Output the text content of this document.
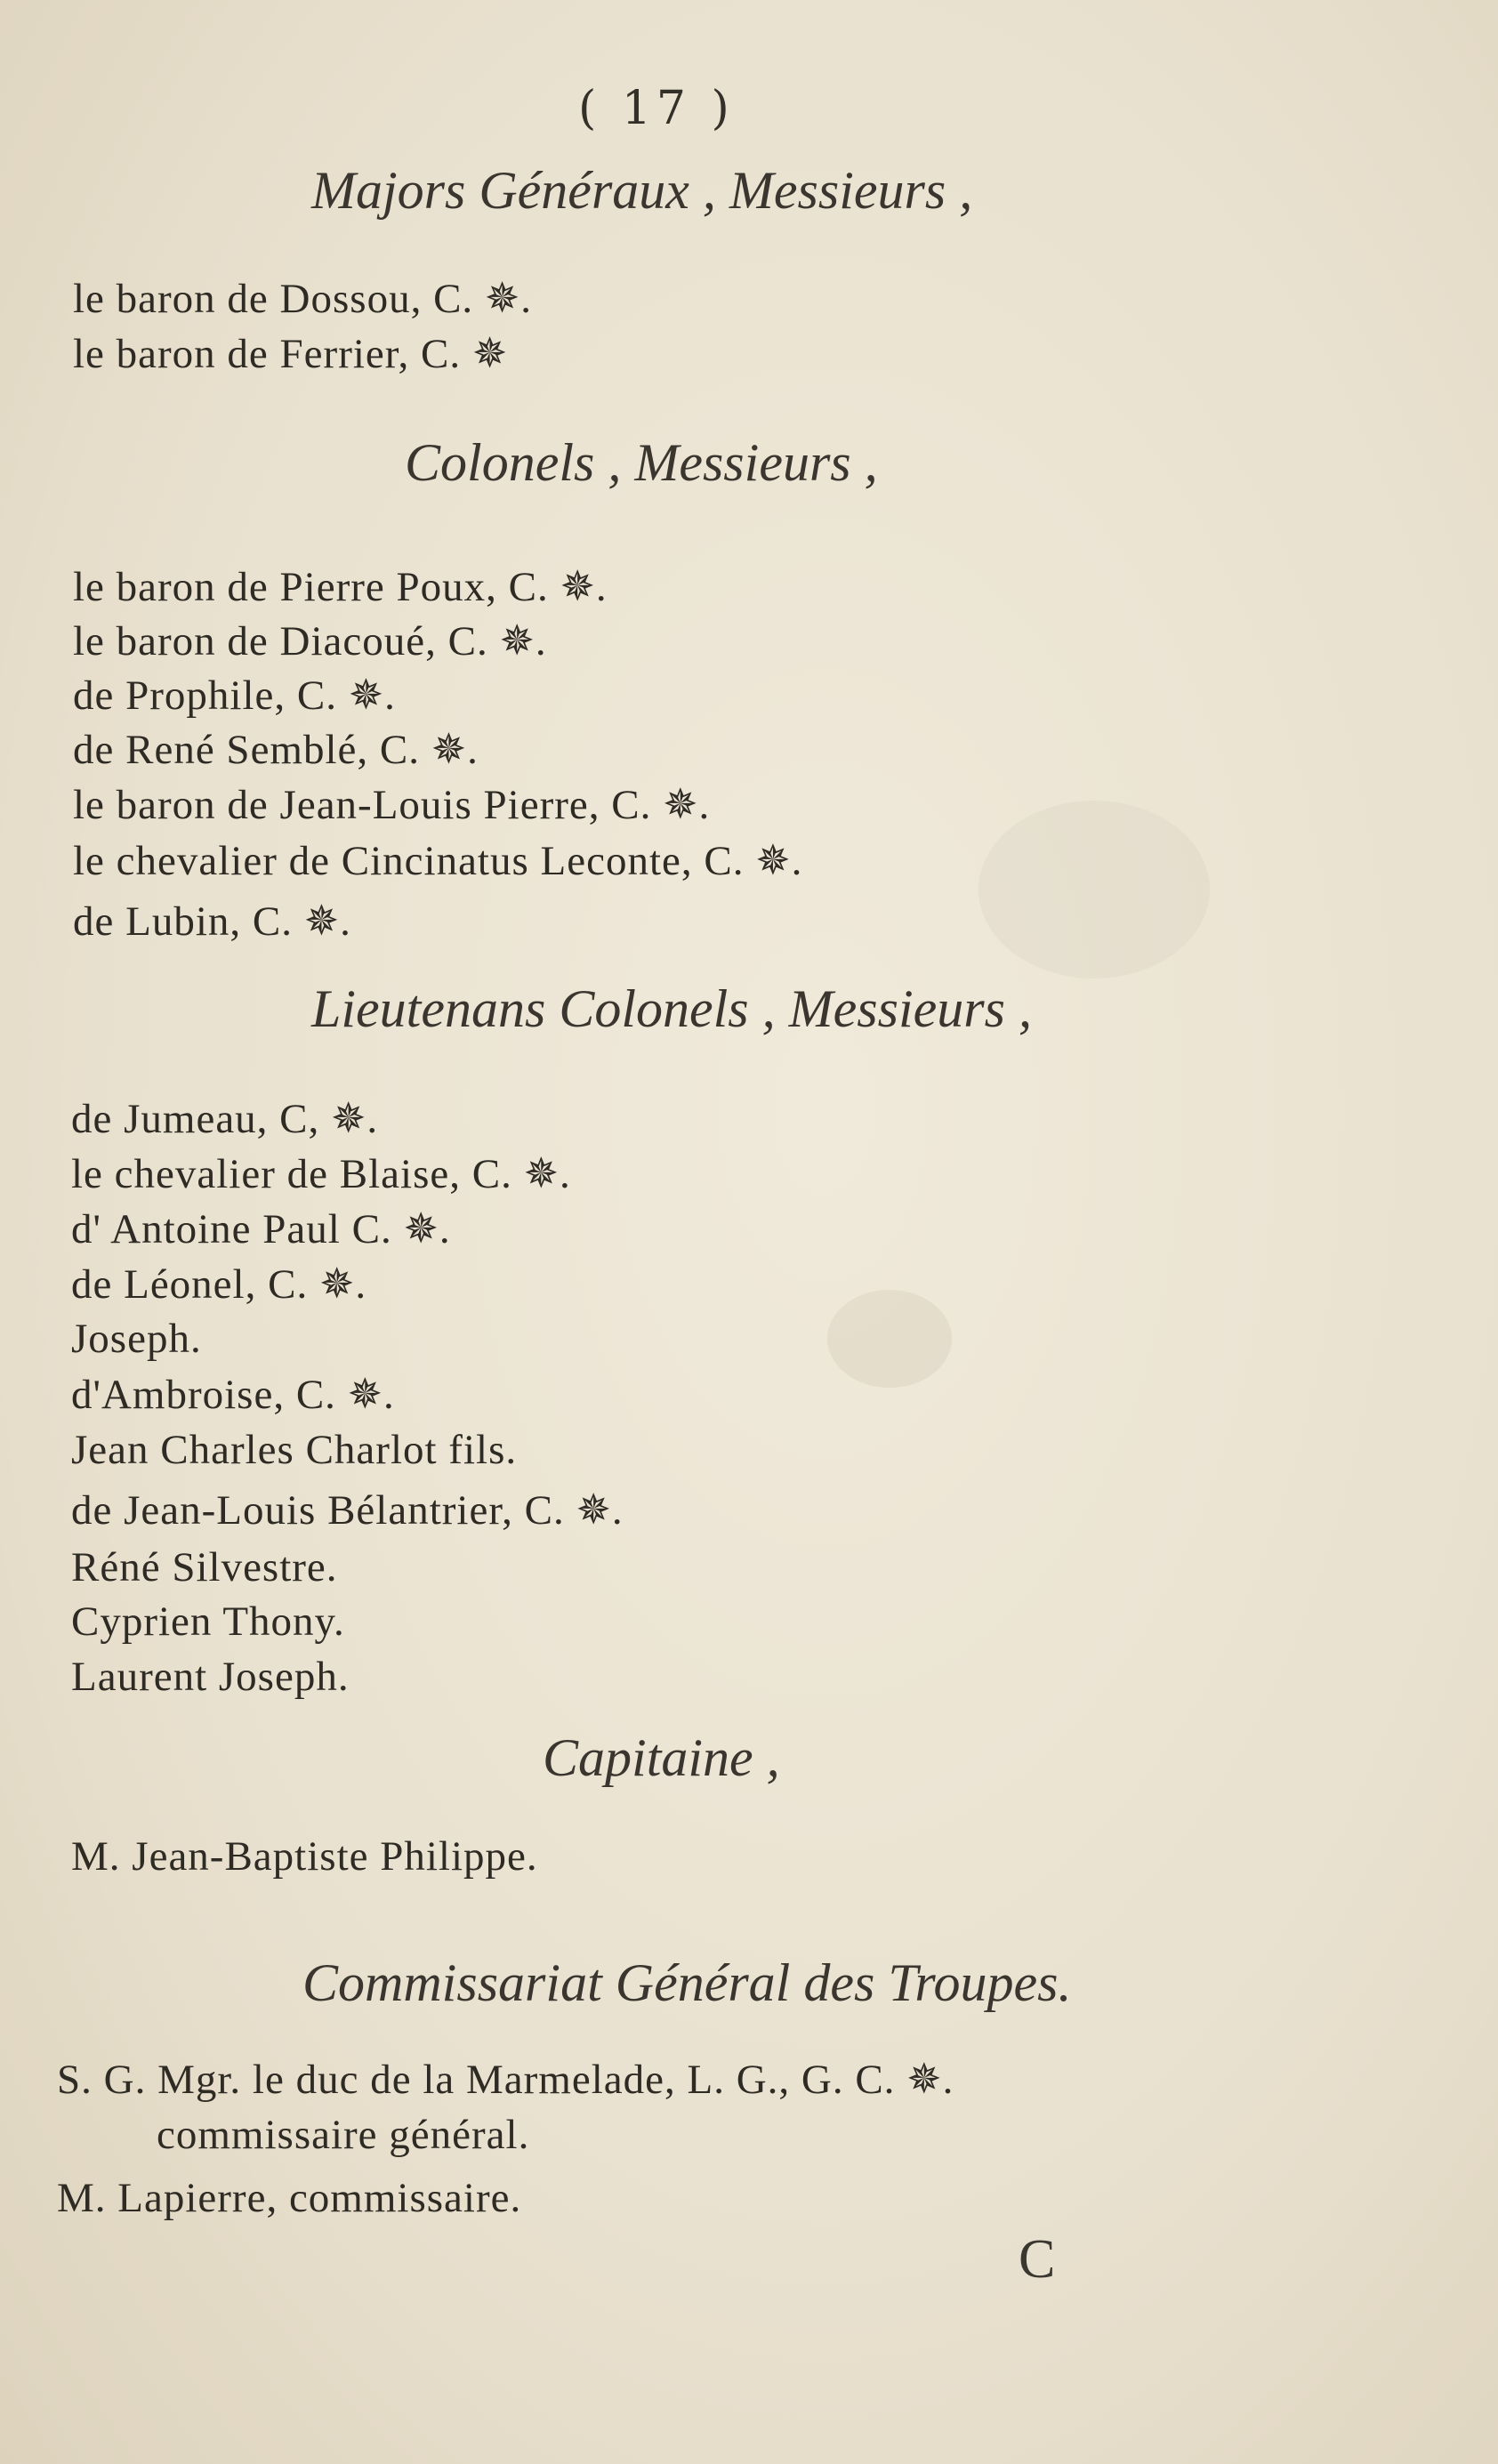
( 17 )
Majors Généraux , Messieurs ,
le baron de Dossou, C. ✵.
le baron de Ferrier, C. ✵
Colonels , Messieurs ,
le baron de Pierre Poux, C. ✵.
le baron de Diacoué, C. ✵.
de Prophile, C. ✵.
de René Semblé, C. ✵.
le baron de Jean-Louis Pierre, C. ✵.
le chevalier de Cincinatus Leconte, C. ✵.
de Lubin, C. ✵.
Lieutenans Colonels , Messieurs ,
de Jumeau, C, ✵.
le chevalier de Blaise, C. ✵.
d' Antoine Paul C. ✵.
de Léonel, C. ✵.
Joseph.
d'Ambroise, C. ✵.
Jean Charles Charlot fils.
de Jean-Louis Bélantrier, C. ✵.
Réné Silvestre.
Cyprien Thony.
Laurent Joseph.
Capitaine ,
M. Jean-Baptiste Philippe.
Commissariat Général des Troupes.
S. G. Mgr. le duc de la Marmelade, L. G., G. C. ✵.
commissaire général.
M. Lapierre, commissaire.
C
